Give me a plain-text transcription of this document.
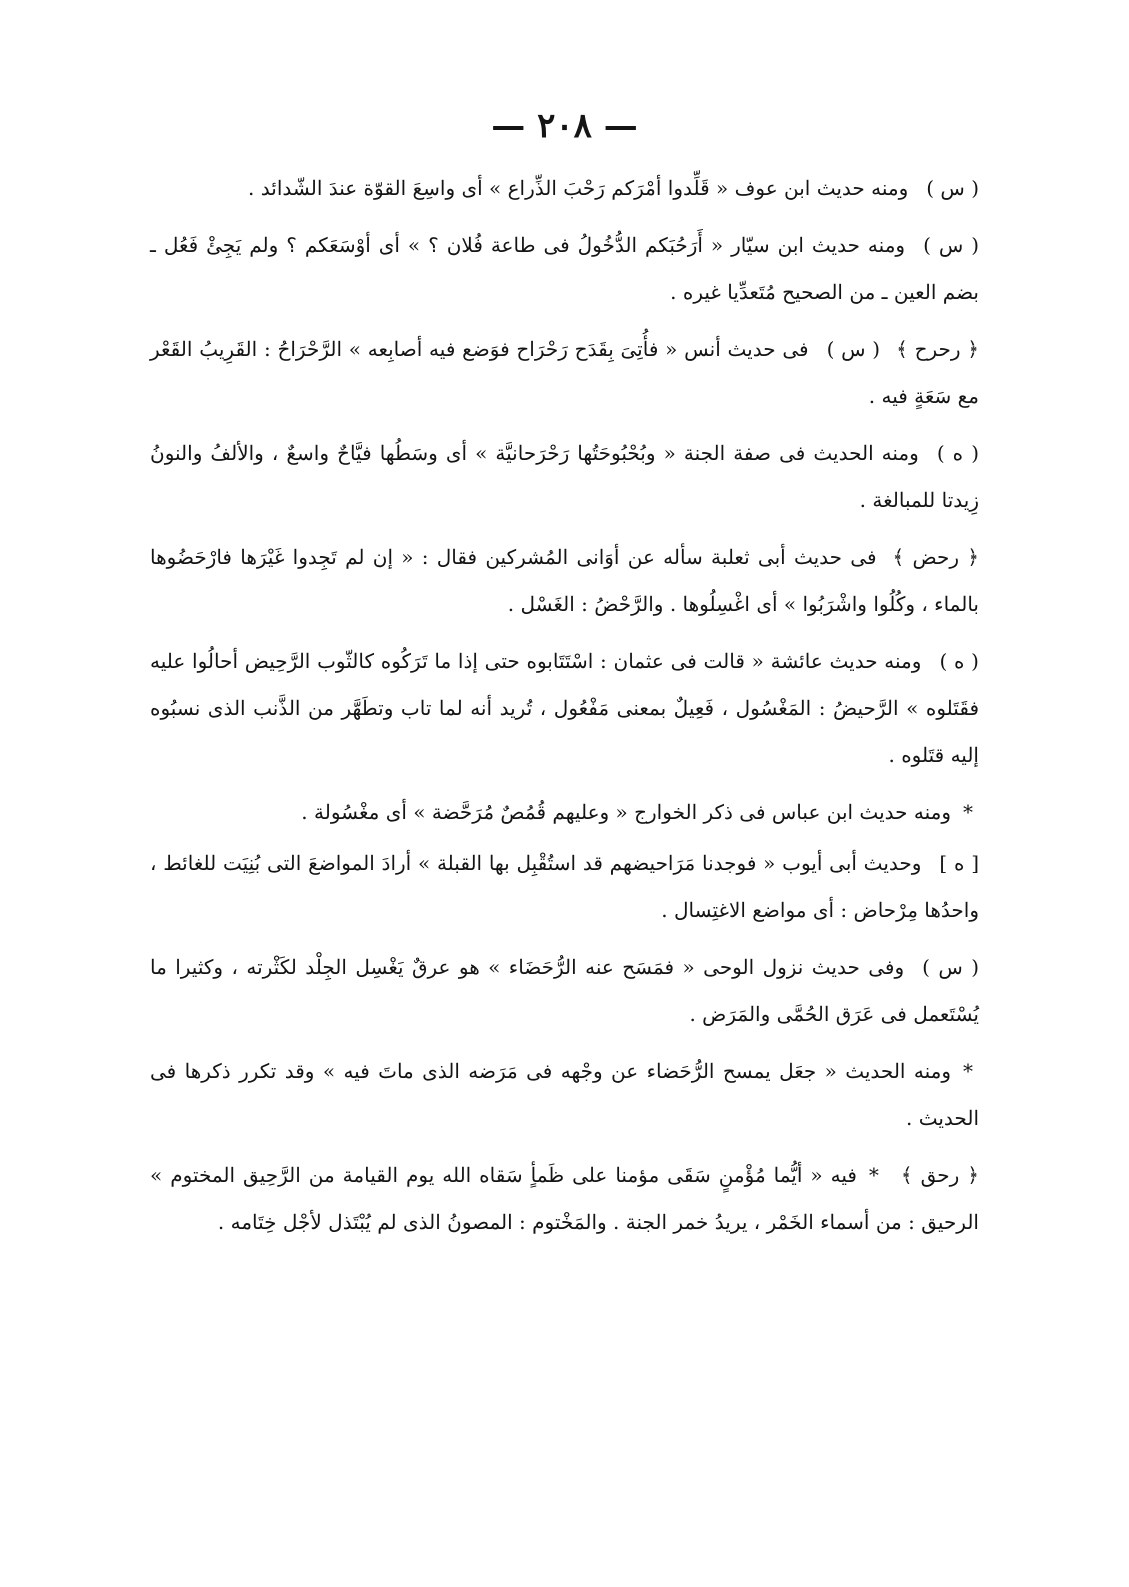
— ٢٠٨ —

( س )ومنه حديث ابن عوف « قَلِّدوا أمْرَكم رَحْبَ الذِّراع » أى واسِعَ القوّة عندَ الشّدائد .

( س )ومنه حديث ابن سيّار « أَرَحُبَكم الدُّخُولُ فى طاعة فُلان ؟ » أى أوْسَعَكم ؟ ولم يَجِئْ فَعُل ـ بضم العين ـ من الصحيح مُتَعدِّيا غيره .

﴿ رحرح ﴾( س )فى حديث أنس « فأُتِىَ بِقَدَح رَحْرَاح فوَضع فيه أصابِعه » الرَّحْرَاحُ : القَرِيبُ القَعْر مع سَعَةٍ فيه .

( ه )ومنه الحديث فى صفة الجنة « وبُحْبُوحَتُها رَحْرَحانيَّة » أى وسَطُها فيَّاحٌ واسعٌ ، والألفُ والنونُ زِيدتا للمبالغة .

﴿ رحض ﴾فى حديث أبى ثعلبة سأله عن أوَانى المُشركين فقال : « إن لم تَجِدوا غَيْرَها فارْحَضُوها بالماء ، وكُلُوا واشْرَبُوا » أى اغْسِلُوها . والرَّحْضُ : الغَسْل .

( ه )ومنه حديث عائشة « قالت فى عثمان : اسْتَتَابوه حتى إذا ما تَرَكُوه كالثّوب الرَّحِيض أحالُوا عليه فقَتَلوه » الرَّحيضُ : المَغْسُول ، فَعِيلٌ بمعنى مَفْعُول ، تُريد أنه لما تاب وتطَهَّر من الذَّنب الذى نسبُوه إليه قتَلوه .

*ومنه حديث ابن عباس فى ذكر الخوارج « وعليهم قُمُصٌ مُرَحَّضة » أى مغْسُولة .

[ ه ]وحديث أبى أيوب « فوجدنا مَرَاحيضهم قد استُقْبِل بها القبلة » أرادَ المواضعَ التى بُنِيَت للغائط ، واحدُها مِرْحاض : أى مواضع الاغتِسال .

( س )وفى حديث نزول الوحى « فمَسَح عنه الرُّحَضَاء » هو عرقٌ يَغْسِل الجِلْد لكَثْرته ، وكثيرا ما يُسْتَعمل فى عَرَق الحُمَّى والمَرَض .

*ومنه الحديث « جعَل يمسح الرُّحَضاء عن وجْهه فى مَرَضه الذى ماتَ فيه » وقد تكرر ذكرها فى الحديث .

﴿ رحق ﴾*فيه « أيُّما مُؤْمنٍ سَقَى مؤمنا على ظَمأٍ سَقاه الله يوم القيامة من الرَّحِيق المختوم » الرحيق : من أسماء الخَمْر ، يريدُ خمر الجنة . والمَخْتوم : المصونُ الذى لم يُبْتَذل لأجْل خِتَامه .
